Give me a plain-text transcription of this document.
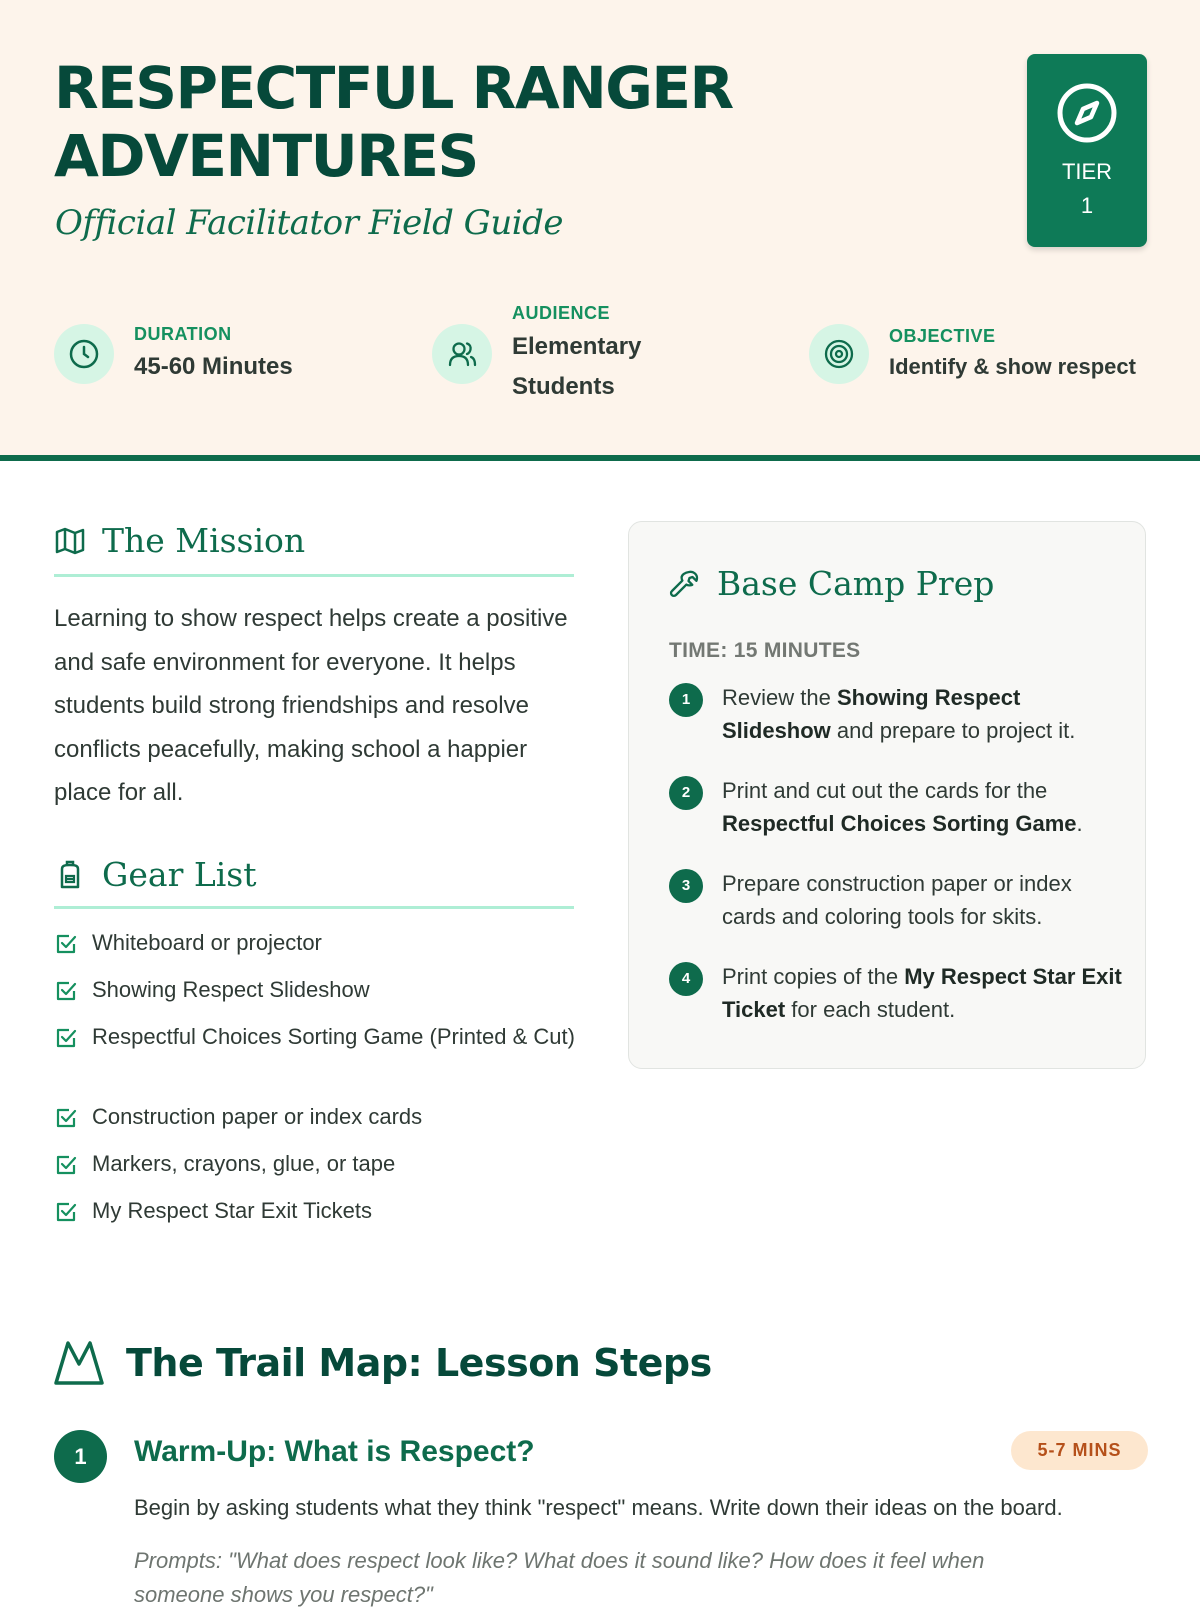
RESPECTFUL RANGER ADVENTURES
Official Facilitator Field Guide
TIER
1
DURATION
45-60 Minutes
AUDIENCE
Elementary Students
OBJECTIVE
Identify & show respect
The Mission

Learning to show respect helps create a positive and safe environment for everyone. It helps students build strong friendships and resolve conflicts peacefully, making school a happier place for all.

Gear List
Whiteboard or projector
Showing Respect Slideshow
Respectful Choices Sorting Game (Printed & Cut)
Construction paper or index cards
Markers, crayons, glue, or tape
My Respect Star Exit Tickets
Base Camp Prep
TIME: 15 MINUTES
1	Review the Showing Respect Slideshow and prepare to project it.
2	Print and cut out the cards for the Respectful Choices Sorting Game.
3	Prepare construction paper or index cards and coloring tools for skits.
4	Print copies of the My Respect Star Exit Ticket for each student.
The Trail Map: Lesson Steps
1	Warm-Up: What is Respect?	5-7 MINS
Begin by asking students what they think "respect" means. Write down their ideas on the board.
Prompts: "What does respect look like? What does it sound like? How does it feel when someone shows you respect?"
